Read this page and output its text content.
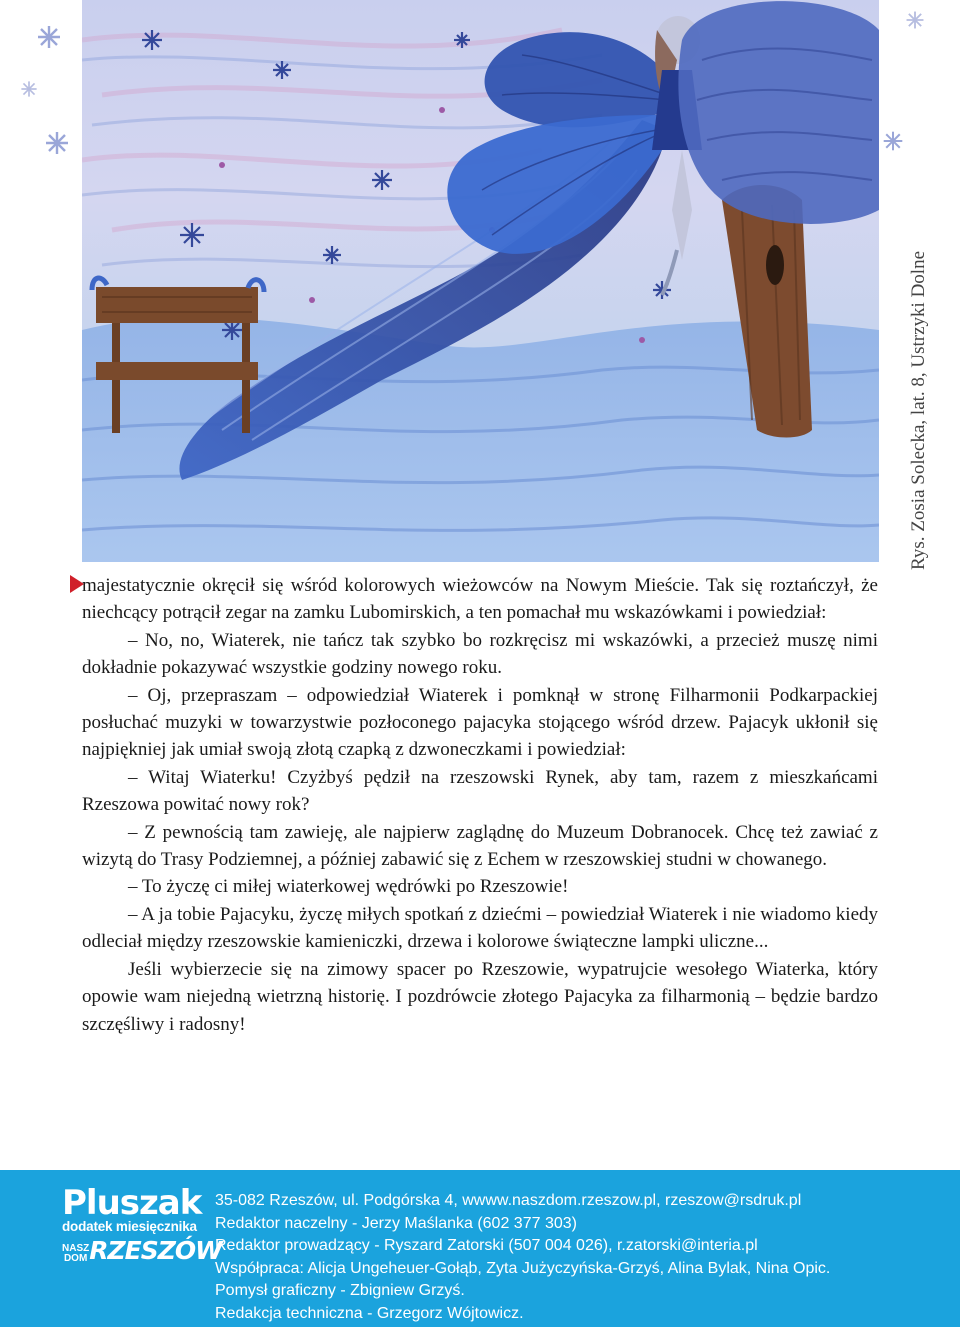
Rys. Zosia Solecka, lat. 8, Ustrzyki Dolne

majestatycznie okręcił się wśród kolorowych wieżowców na Nowym Mieście. Tak się roztańczył, że niechcący potrącił zegar na zamku Lubomirskich, a ten pomachał mu wskazówkami i powiedział:

– No, no, Wiaterek, nie tańcz tak szybko bo rozkręcisz mi wskazówki, a przecież muszę nimi dokładnie pokazywać wszystkie godziny nowego roku.

– Oj, przepraszam – odpowiedział Wiaterek i pomknął w stronę Filharmonii Podkarpackiej posłuchać muzyki w towarzystwie pozłoconego pajacyka stojącego wśród drzew. Pajacyk ukłonił się najpiękniej jak umiał swoją złotą czapką z dzwoneczkami i powiedział:

– Witaj Wiaterku! Czyżbyś pędził na rzeszowski Rynek, aby tam, razem z mieszkańcami Rzeszowa powitać nowy rok?

– Z pewnością tam zawieję, ale najpierw zaglądnę do Muzeum Dobranocek. Chcę też zawiać z wizytą do Trasy Podziemnej, a później zabawić się z Echem w rzeszowskiej studni w chowanego.

– To życzę ci miłej wiaterkowej wędrówki po Rzeszowie!

– A ja tobie Pajacyku, życzę miłych spotkań z dziećmi – powiedział Wiaterek i nie wiadomo kiedy odleciał między rzeszowskie kamieniczki, drzewa i kolorowe świąteczne lampki uliczne...

Jeśli wybierzecie się na zimowy spacer po Rzeszowie, wypatrujcie wesołego Wiaterka, który opowie wam niejedną wietrzną historię. I pozdrówcie złotego Pajacyka za filharmonią – będzie bardzo szczęśliwy i radosny!

Pluszak
dodatek miesięcznika
NASZ
DOM RZESZÓW
35-082 Rzeszów, ul. Podgórska 4, wwww.naszdom.rzeszow.pl, rzeszow@rsdruk.pl
Redaktor naczelny - Jerzy Maślanka (602 377 303)
Redaktor prowadzący - Ryszard Zatorski (507 004 026), r.zatorski@interia.pl
Współpraca: Alicja Ungeheuer-Gołąb, Zyta Jużyczyńska-Grzyś, Alina Bylak, Nina Opic.
Pomysł graficzny - Zbigniew Grzyś.
Redakcja techniczna - Grzegorz Wójtowicz.
